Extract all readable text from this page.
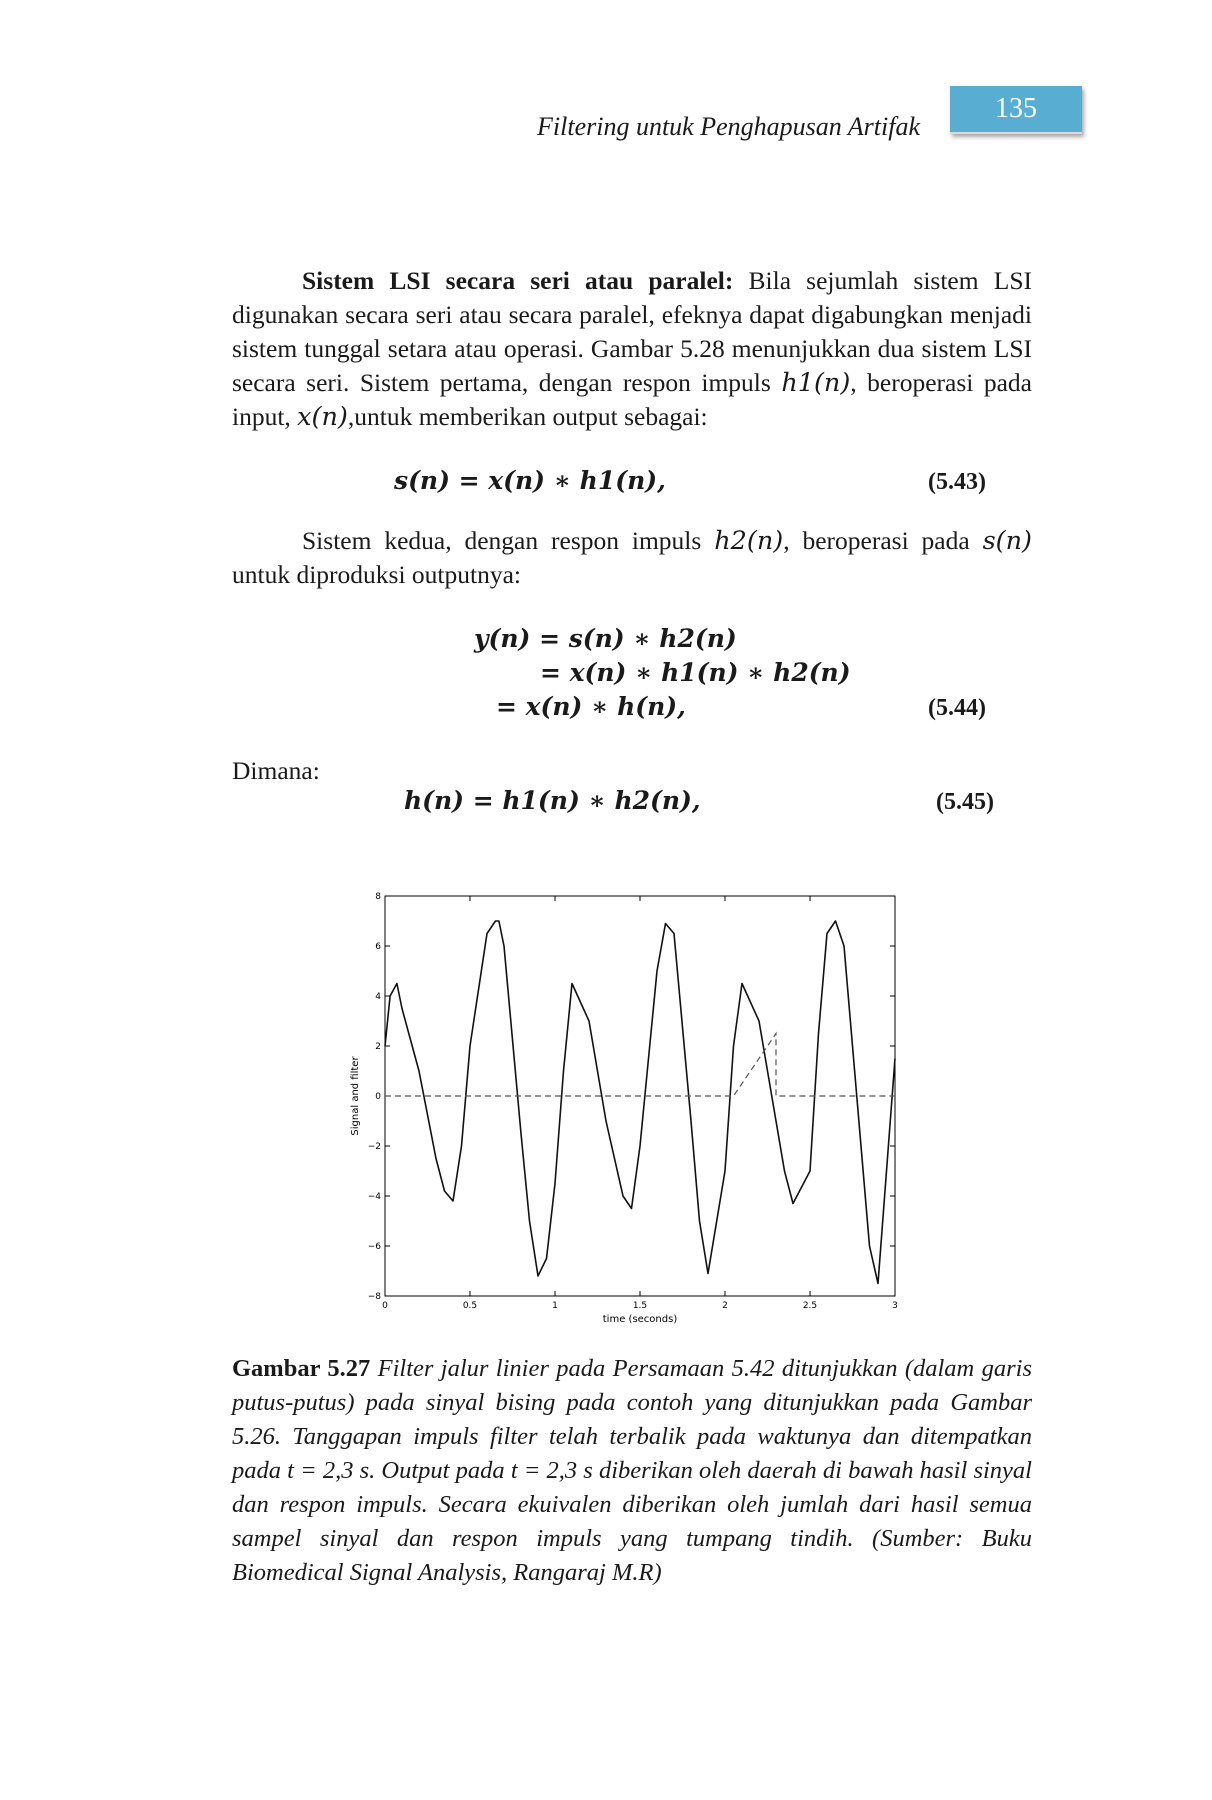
Filtering untuk Penghapusan Artifak
135

Sistem LSI secara seri atau paralel: Bila sejumlah sistem LSI digunakan secara seri atau secara paralel, efeknya dapat digabungkan menjadi sistem tunggal setara atau operasi. Gambar 5.28 menunjukkan dua sistem LSI secara seri. Sistem pertama, dengan respon impuls h1(n), beroperasi pada input, x(n),untuk memberikan output sebagai:

s(n) = x(n) ∗ h1(n),	(5.43)

Sistem kedua, dengan respon impuls h2(n), beroperasi pada s(n) untuk diproduksi outputnya:

y(n) = s(n) ∗ h2(n)
= x(n) ∗ h1(n) ∗ h2(n)
= x(n) ∗ h(n),	(5.44)

Dimana:

h(n) = h1(n) ∗ h2(n),	(5.45)
8
6
4
2
0
−2
−4
−6
−8
0	0.5	1	1.5	2	2.5	3
time (seconds)
Signal and filter

Gambar 5.27 Filter jalur linier pada Persamaan 5.42 ditunjukkan (dalam garis putus-putus) pada sinyal bising pada contoh yang ditunjukkan pada Gambar 5.26. Tanggapan impuls filter telah terbalik pada waktunya dan ditempatkan pada t = 2,3 s. Output pada t = 2,3 s diberikan oleh daerah di bawah hasil sinyal dan respon impuls. Secara ekuivalen diberikan oleh jumlah dari hasil semua sampel sinyal dan respon impuls yang tumpang tindih. (Sumber: Buku Biomedical Signal Analysis, Rangaraj M.R)
